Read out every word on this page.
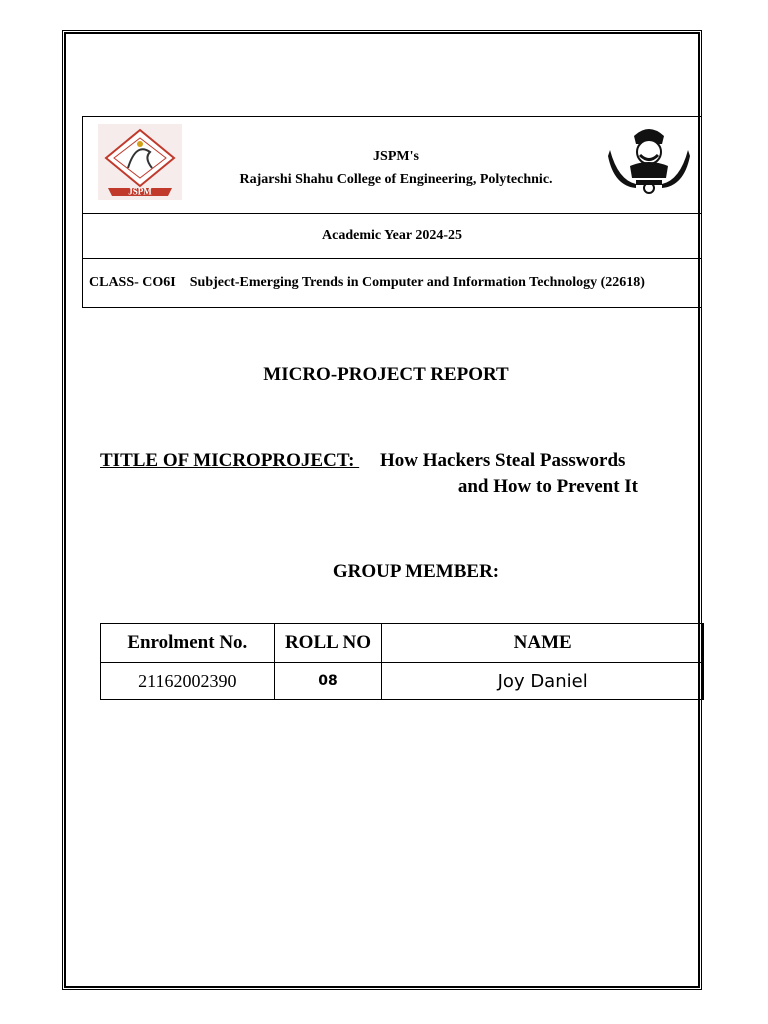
JSPM
JSPM's
Rajarshi Shahu College of Engineering, Polytechnic.
Academic Year 2024-25
CLASS- CO6I Subject-Emerging Trends in Computer and Information Technology (22618)
MICRO-PROJECT REPORT
TITLE OF MICROPROJECT: How Hackers Steal Passwords
and How to Prevent It
GROUP MEMBER:
Enrolment No.	ROLL NO	NAME
21162002390	08	Joy Daniel
